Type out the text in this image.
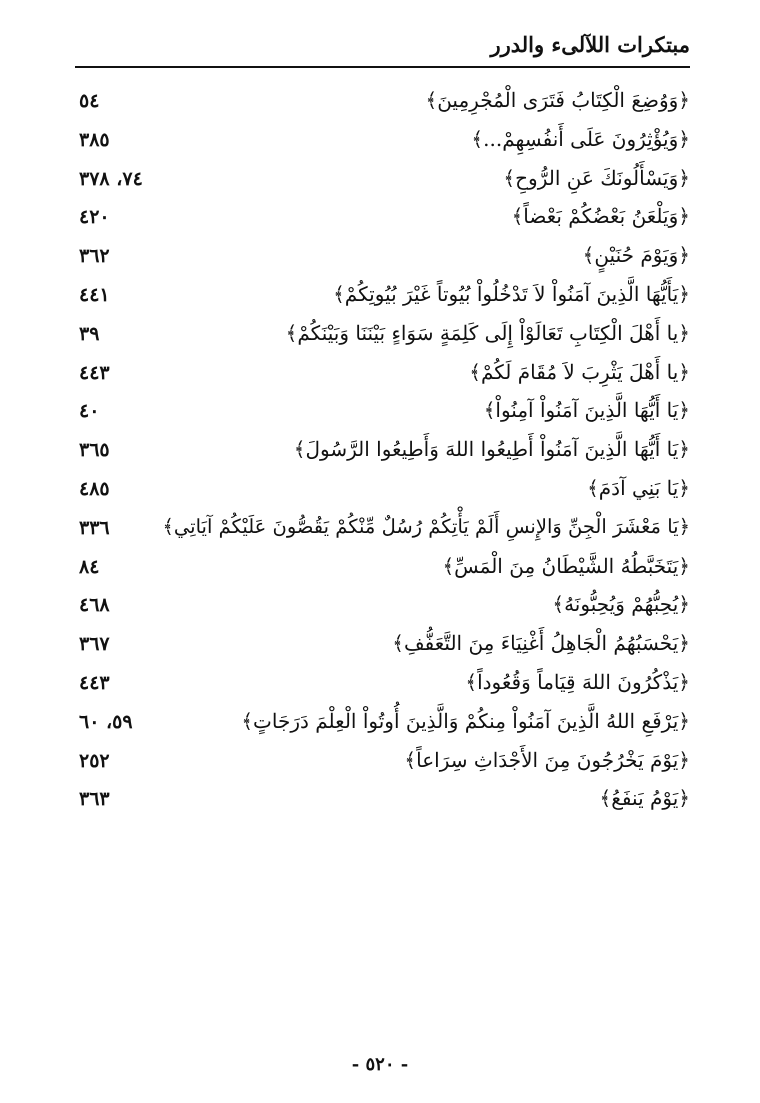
مبتكرات اللآلىء والدرر
﴿وَوُضِعَ الْكِتَابُ فَتَرَى الْمُجْرِمِينَ﴾
٥٤
﴿وَيُؤْثِرُونَ عَلَى أَنفُسِهِمْ...﴾
٣٨٥
﴿وَيَسْأَلُونَكَ عَنِ الرُّوحِ﴾
٧٤، ٣٧٨
﴿وَيَلْعَنُ بَعْضُكُمْ بَعْضاً﴾
٤٢٠
﴿وَيَوْمَ حُنَيْنٍ﴾
٣٦٢
﴿يَأَيُّهَا الَّذِينَ آمَنُواْ لاَ تَدْخُلُواْ بُيُوتاً غَيْرَ بُيُوتِكُمْ﴾
٤٤١
﴿يا أَهْلَ الْكِتَابِ تَعَالَوْاْ إِلَى كَلِمَةٍ سَوَاءٍ بَيْنَنَا وَبَيْنَكُمْ﴾
٣٩
﴿يا أَهْلَ يَثْرِبَ لاَ مُقَامَ لَكُمْ﴾
٤٤٣
﴿يَا أَيُّهَا الَّذِينَ آمَنُواْ آمِنُواْ﴾
٤٠
﴿يَا أَيُّهَا الَّذِينَ آمَنُواْ أَطِيعُوا اللهَ وَأَطِيعُوا الرَّسُولَ﴾
٣٦٥
﴿يَا بَنِي آدَمَ﴾
٤٨٥
﴿يَا مَعْشَرَ الْجِنِّ وَالإِنسِ أَلَمْ يَأْتِكُمْ رُسُلٌ مِّنْكُمْ يَقُصُّونَ عَلَيْكُمْ آيَاتِي﴾
٣٣٦
﴿يَتَخَبَّطُهُ الشَّيْطَانُ مِنَ الْمَسِّ﴾
٨٤
﴿يُحِبُّهُمْ وَيُحِبُّونَهُ﴾
٤٦٨
﴿يَحْسَبُهُمُ الْجَاهِلُ أَغْنِيَاءَ مِنَ التَّعَفُّفِ﴾
٣٦٧
﴿يَذْكُرُونَ اللهَ قِيَاماً وَقُعُوداً﴾
٤٤٣
﴿يَرْفَعِ اللهُ الَّذِينَ آمَنُواْ مِنكُمْ وَالَّذِينَ أُوتُواْ الْعِلْمَ دَرَجَاتٍ﴾
٥٩، ٦٠
﴿يَوْمَ يَخْرُجُونَ مِنَ الأَجْدَاثِ سِرَاعاً﴾
٢٥٢
﴿يَوْمُ يَنفَعُ﴾
٣٦٣
- ٥٢٠ -
